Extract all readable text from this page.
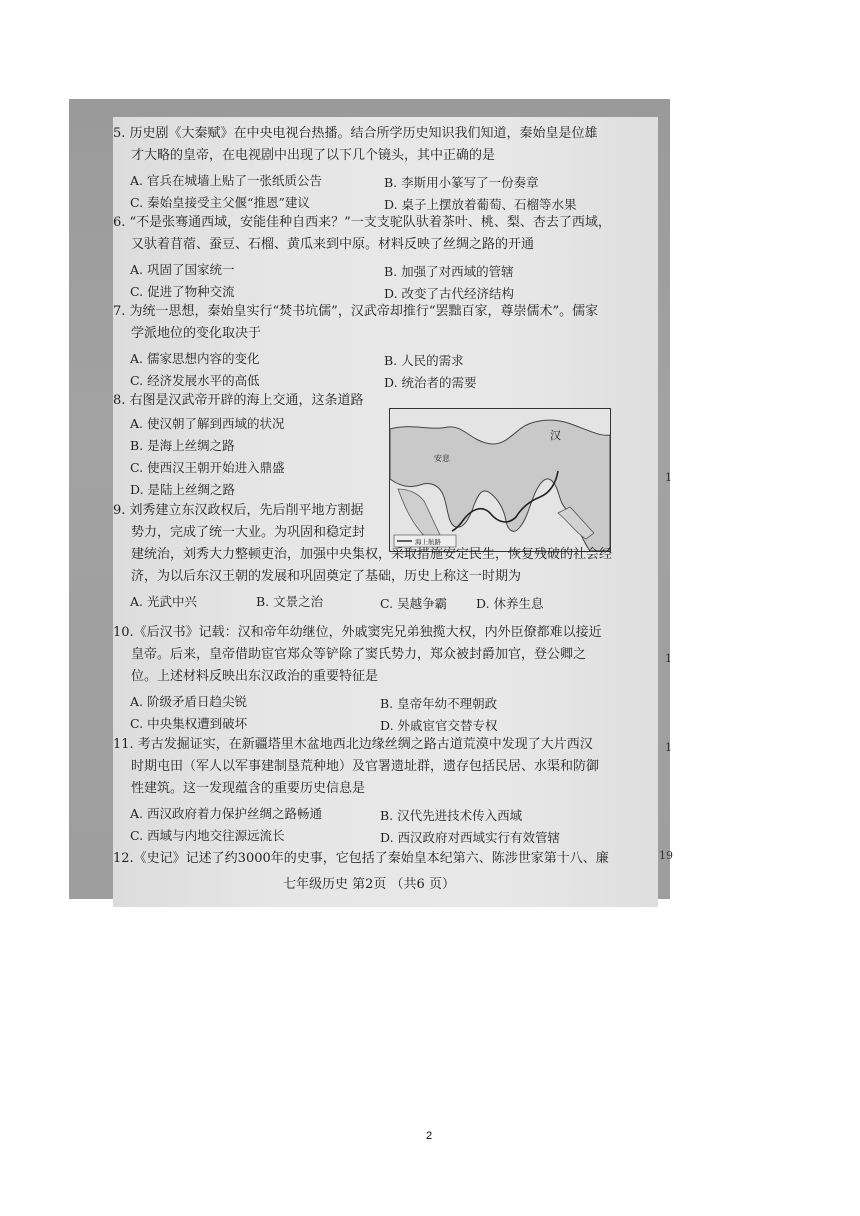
5. 历史剧《大秦赋》在中央电视台热播。结合所学历史知识我们知道，秦始皇是位雄
才大略的皇帝，在电视剧中出现了以下几个镜头，其中正确的是
A. 官兵在城墙上贴了一张纸质公告	B. 李斯用小篆写了一份奏章
C. 秦始皇接受主父偃“推恩”建议	D. 桌子上摆放着葡萄、石榴等水果
6. “不是张骞通西域，安能佳种自西来？”一支支驼队驮着茶叶、桃、梨、杏去了西域，
又驮着苜蓿、蚕豆、石榴、黄瓜来到中原。材料反映了丝绸之路的开通
A. 巩固了国家统一	B. 加强了对西域的管辖
C. 促进了物种交流	D. 改变了古代经济结构
7. 为统一思想，秦始皇实行“焚书坑儒”，汉武帝却推行“罢黜百家，尊崇儒术”。儒家
学派地位的变化取决于
A. 儒家思想内容的变化	B. 人民的需求
C. 经济发展水平的高低	D. 统治者的需要
8. 右图是汉武帝开辟的海上交通，这条道路
A. 使汉朝了解到西域的状况
B. 是海上丝绸之路
C. 使西汉王朝开始进入鼎盛
D. 是陆上丝绸之路
汉
安息
海上航路
9. 刘秀建立东汉政权后，先后削平地方割据
势力，完成了统一大业。为巩固和稳定封
建统治，刘秀大力整顿吏治，加强中央集权，采取措施安定民生，恢复残破的社会经
济，为以后东汉王朝的发展和巩固奠定了基础，历史上称这一时期为
A. 光武中兴	B. 文景之治	C. 吴越争霸 D. 休养生息
10.《后汉书》记载：汉和帝年幼继位，外戚窦宪兄弟独揽大权，内外臣僚都难以接近
皇帝。后来，皇帝借助宦官郑众等铲除了窦氏势力，郑众被封爵加官，登公卿之
位。上述材料反映出东汉政治的重要特征是
A. 阶级矛盾日趋尖锐	B. 皇帝年幼不理朝政
C. 中央集权遭到破坏	D. 外戚宦官交替专权
11. 考古发掘证实，在新疆塔里木盆地西北边缘丝绸之路古道荒漠中发现了大片西汉
时期屯田（军人以军事建制垦荒种地）及官署遗址群，遗存包括民居、水渠和防御
性建筑。这一发现蕴含的重要历史信息是
A. 西汉政府着力保护丝绸之路畅通	B. 汉代先进技术传入西域
C. 西域与内地交往源远流长	D. 西汉政府对西域实行有效管辖
12.《史记》记述了约3000年的史事，它包括了秦始皇本纪第六、陈涉世家第十八、廉
七年级历史 第2页 （共6 页）
1
1
1
19
2
